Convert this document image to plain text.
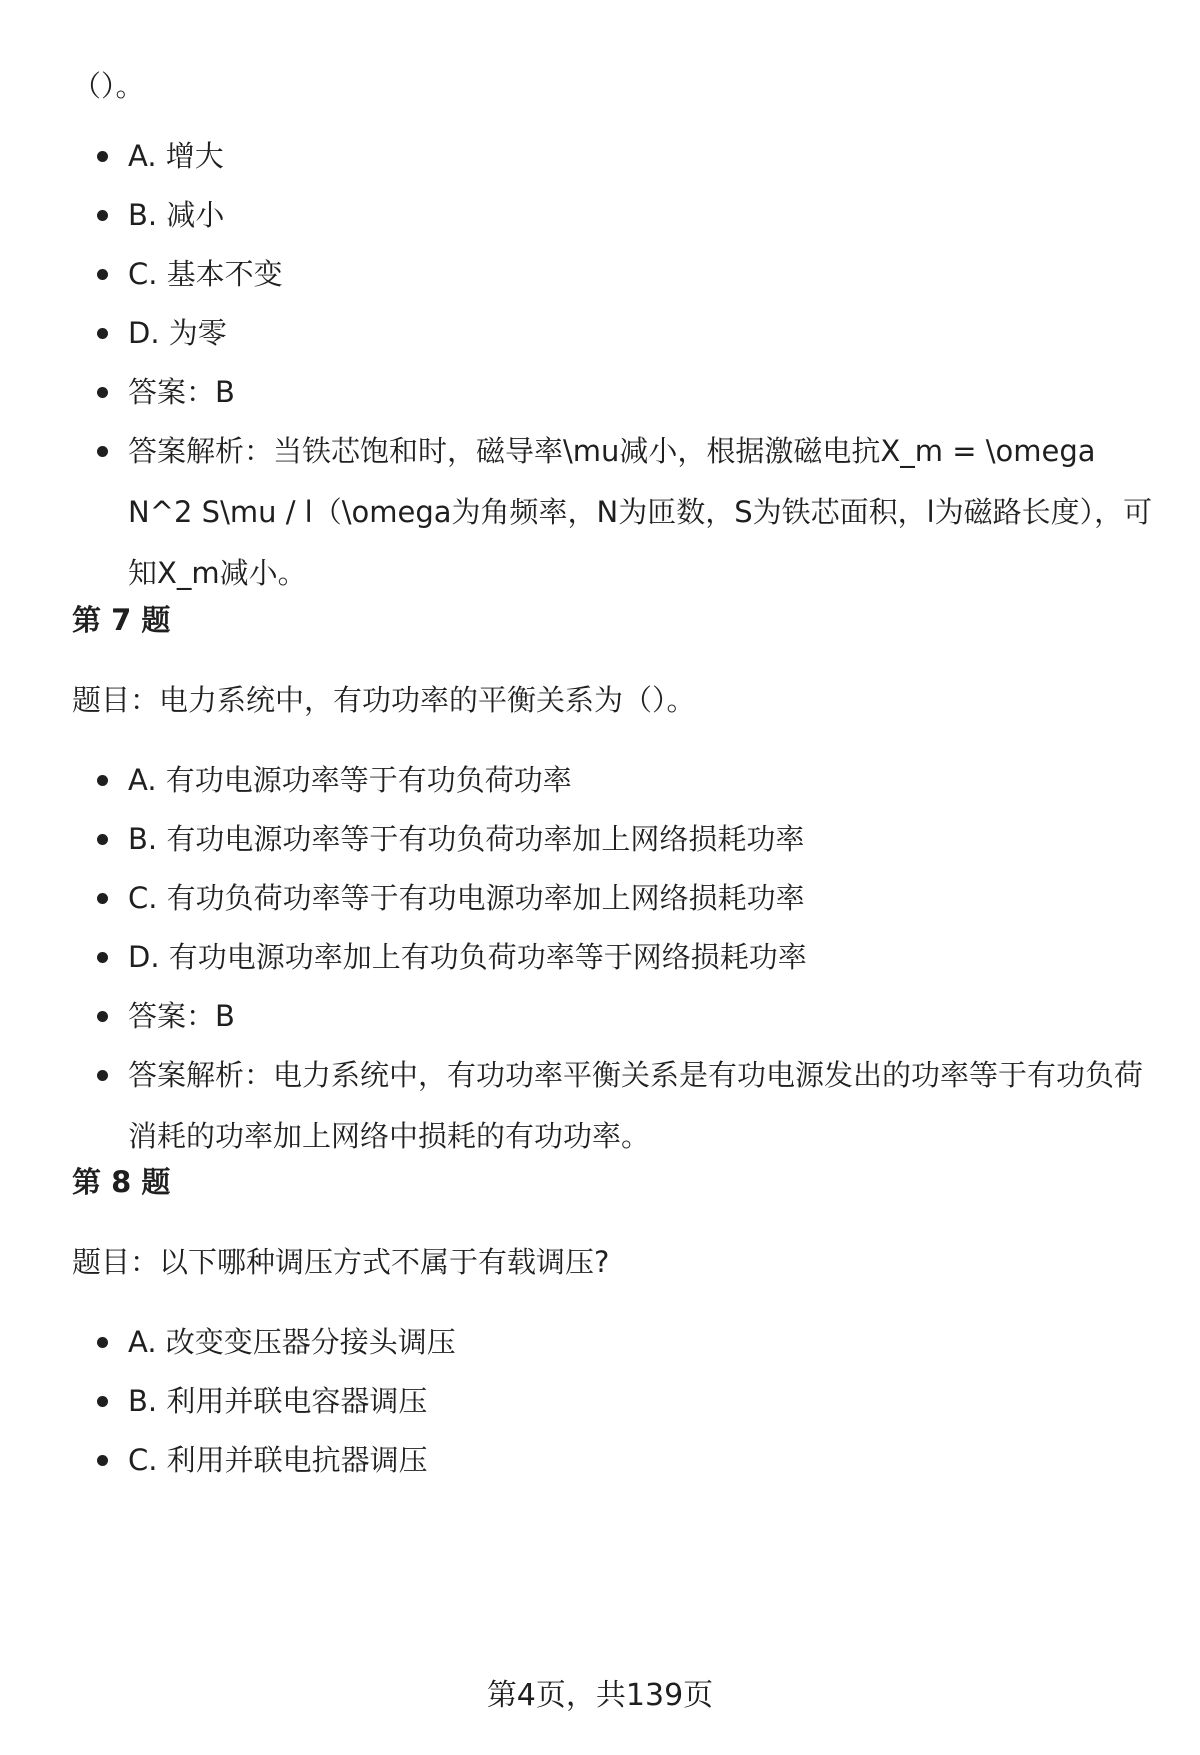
（）。
A. 增大
B. 减小
C. 基本不变
D. 为零
答案：B
答案解析：当铁芯饱和时，磁导率\mu减小，根据激磁电抗X_m = \omega N^2 S\mu / l（\omega为角频率，N为匝数，S为铁芯面积，l为磁路长度），可知X_m减小。
第 7 题
题目：电力系统中，有功功率的平衡关系为（）。
A. 有功电源功率等于有功负荷功率
B. 有功电源功率等于有功负荷功率加上网络损耗功率
C. 有功负荷功率等于有功电源功率加上网络损耗功率
D. 有功电源功率加上有功负荷功率等于网络损耗功率
答案：B
答案解析：电力系统中，有功功率平衡关系是有功电源发出的功率等于有功负荷消耗的功率加上网络中损耗的有功功率。
第 8 题
题目：以下哪种调压方式不属于有载调压?
A. 改变变压器分接头调压
B. 利用并联电容器调压
C. 利用并联电抗器调压
第4页，共139页
